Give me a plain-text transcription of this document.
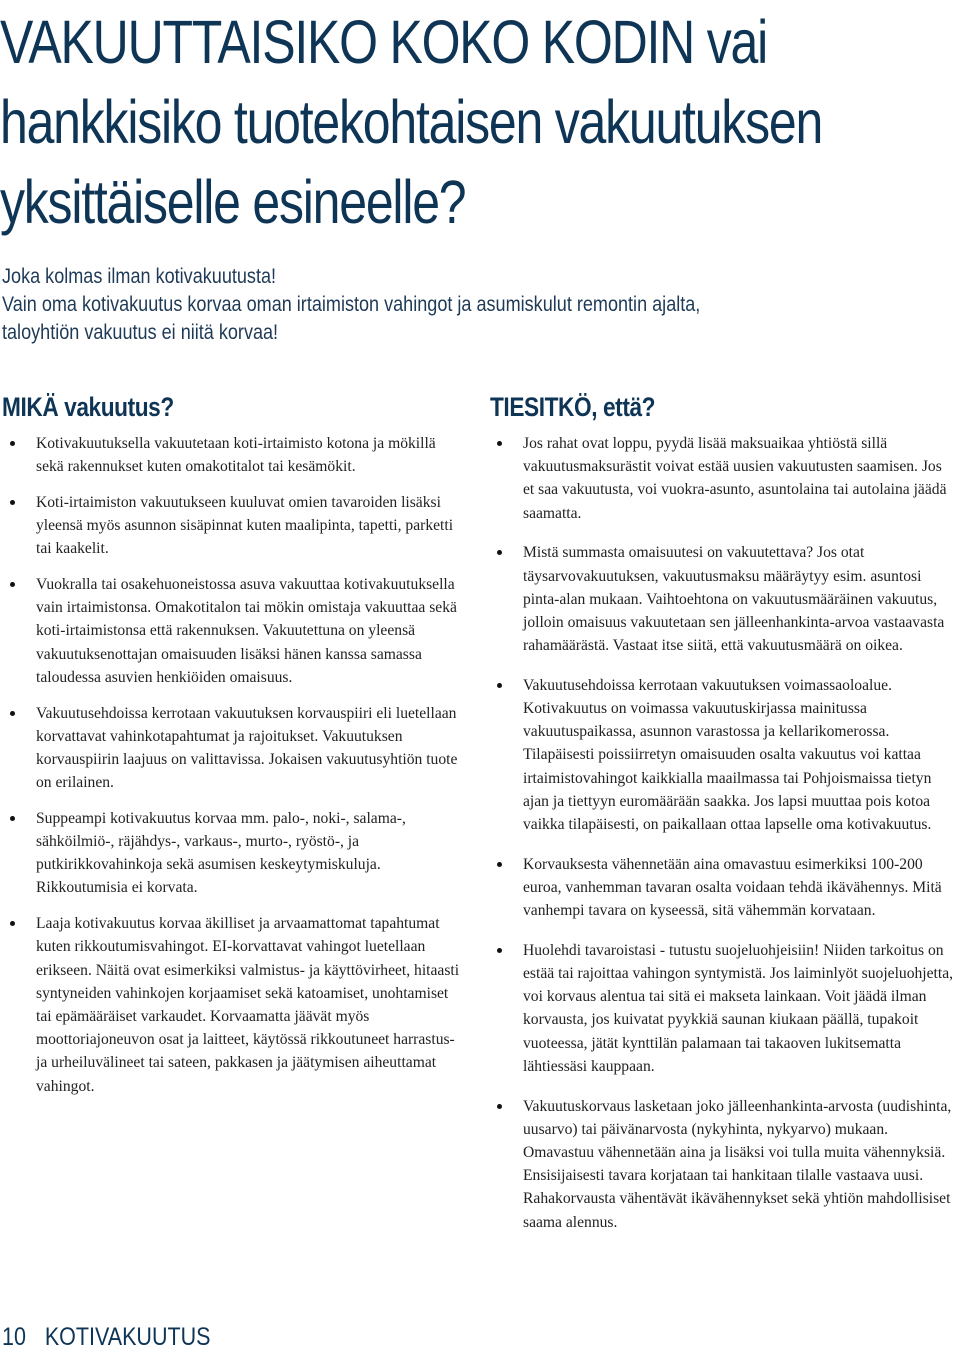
VAKUUTTAISIKO KOKO KODIN vai
hankkisiko tuotekohtaisen vakuutuksen
yksittäiselle esineelle?
Joka kolmas ilman kotivakuutusta!
Vain oma kotivakuutus korvaa oman irtaimiston vahingot ja asumiskulut remontin ajalta,
taloyhtiön vakuutus ei niitä korvaa!
MIKÄ vakuutus?
Kotivakuutuksella vakuutetaan koti-irtaimisto kotona ja mökillä sekä rakennukset kuten omakotitalot tai kesämökit.
Koti-irtaimiston vakuutukseen kuuluvat omien tavaroiden lisäksi yleensä myös asunnon sisäpinnat kuten maalipinta, tapetti, parketti tai kaakelit.
Vuokralla tai osakehuoneistossa asuva vakuuttaa kotivakuutuksella vain irtaimistonsa. Omakotitalon tai mökin omistaja vakuuttaa sekä koti-irtaimistonsa että rakennuksen. Vakuutettuna on yleensä vakuutuksenottajan omaisuuden lisäksi hänen kanssa samassa taloudessa asuvien henkiöiden omaisuus.
Vakuutusehdoissa kerrotaan vakuutuksen korvauspiiri eli luetellaan korvattavat vahinkotapahtumat ja rajoitukset. Vakuutuksen korvauspiirin laajuus on valittavissa. Jokaisen vakuutusyhtiön tuote on erilainen.
Suppeampi kotivakuutus korvaa mm. palo-, noki-, salama-, sähköilmiö-, räjähdys-, varkaus-, murto-, ryöstö-, ja putkirikkovahinkoja sekä asumisen keskeytymiskuluja. Rikkoutumisia ei korvata.
Laaja kotivakuutus korvaa äkilliset ja arvaamattomat tapahtumat kuten rikkoutumisvahingot. EI-korvattavat vahingot luetellaan erikseen. Näitä ovat esimerkiksi valmistus- ja käyttövirheet, hitaasti syntyneiden vahinkojen korjaamiset sekä katoamiset, unohtamiset tai epämääräiset varkaudet. Korvaamatta jäävät myös moottoriajoneuvon osat ja laitteet, käytössä rikkoutuneet harrastus- ja urheiluvälineet tai sateen, pakkasen ja jäätymisen aiheuttamat vahingot.
TIESITKÖ, että?
Jos rahat ovat loppu, pyydä lisää maksuaikaa yhtiöstä sillä vakuutusmaksurästit voivat estää uusien vakuutusten saamisen. Jos et saa vakuutusta, voi vuokra-asunto, asuntolaina tai autolaina jäädä saamatta.
Mistä summasta omaisuutesi on vakuutettava? Jos otat täysarvovakuutuksen, vakuutusmaksu määräytyy esim. asuntosi pinta-alan mukaan. Vaihtoehtona on vakuutusmääräinen vakuutus, jolloin omaisuus vakuutetaan sen jälleenhankinta-arvoa vastaavasta rahamäärästä. Vastaat itse siitä, että vakuutusmäärä on oikea.
Vakuutusehdoissa kerrotaan vakuutuksen voimassaoloalue. Kotivakuutus on voimassa vakuutuskirjassa mainitussa vakuutuspaikassa, asunnon varastossa ja kellarikomerossa. Tilapäisesti poissiirretyn omaisuuden osalta vakuutus voi kattaa irtaimistovahingot kaikkialla maailmassa tai Pohjoismaissa tietyn ajan ja tiettyyn euromäärään saakka. Jos lapsi muuttaa pois kotoa vaikka tilapäisesti, on paikallaan ottaa lapselle oma kotivakuutus.
Korvauksesta vähennetään aina omavastuu esimerkiksi 100-200 euroa, vanhemman tavaran osalta voidaan tehdä ikävähennys. Mitä vanhempi tavara on kyseessä, sitä vähemmän korvataan.
Huolehdi tavaroistasi - tutustu suojeluohjeisiin! Niiden tarkoitus on estää tai rajoittaa vahingon syntymistä. Jos laiminlyöt suojeluohjetta, voi korvaus alentua tai sitä ei makseta lainkaan. Voit jäädä ilman korvausta, jos kuivatat pyykkiä saunan kiukaan päällä, tupakoit vuoteessa, jätät kynttilän palamaan tai takaoven lukitsematta lähtiessäsi kauppaan.
Vakuutuskorvaus lasketaan joko jälleenhankinta-arvosta (uudishinta, uusarvo) tai päivänarvosta (nykyhinta, nykyarvo) mukaan. Omavastuu vähennetään aina ja lisäksi voi tulla muita vähennyksiä. Ensisijaisesti tavara korjataan tai hankitaan tilalle vastaava uusi. Rahakorvausta vähentävät ikävähennykset sekä yhtiön mahdollisiset saama alennus.
10 KOTIVAKUUTUS
